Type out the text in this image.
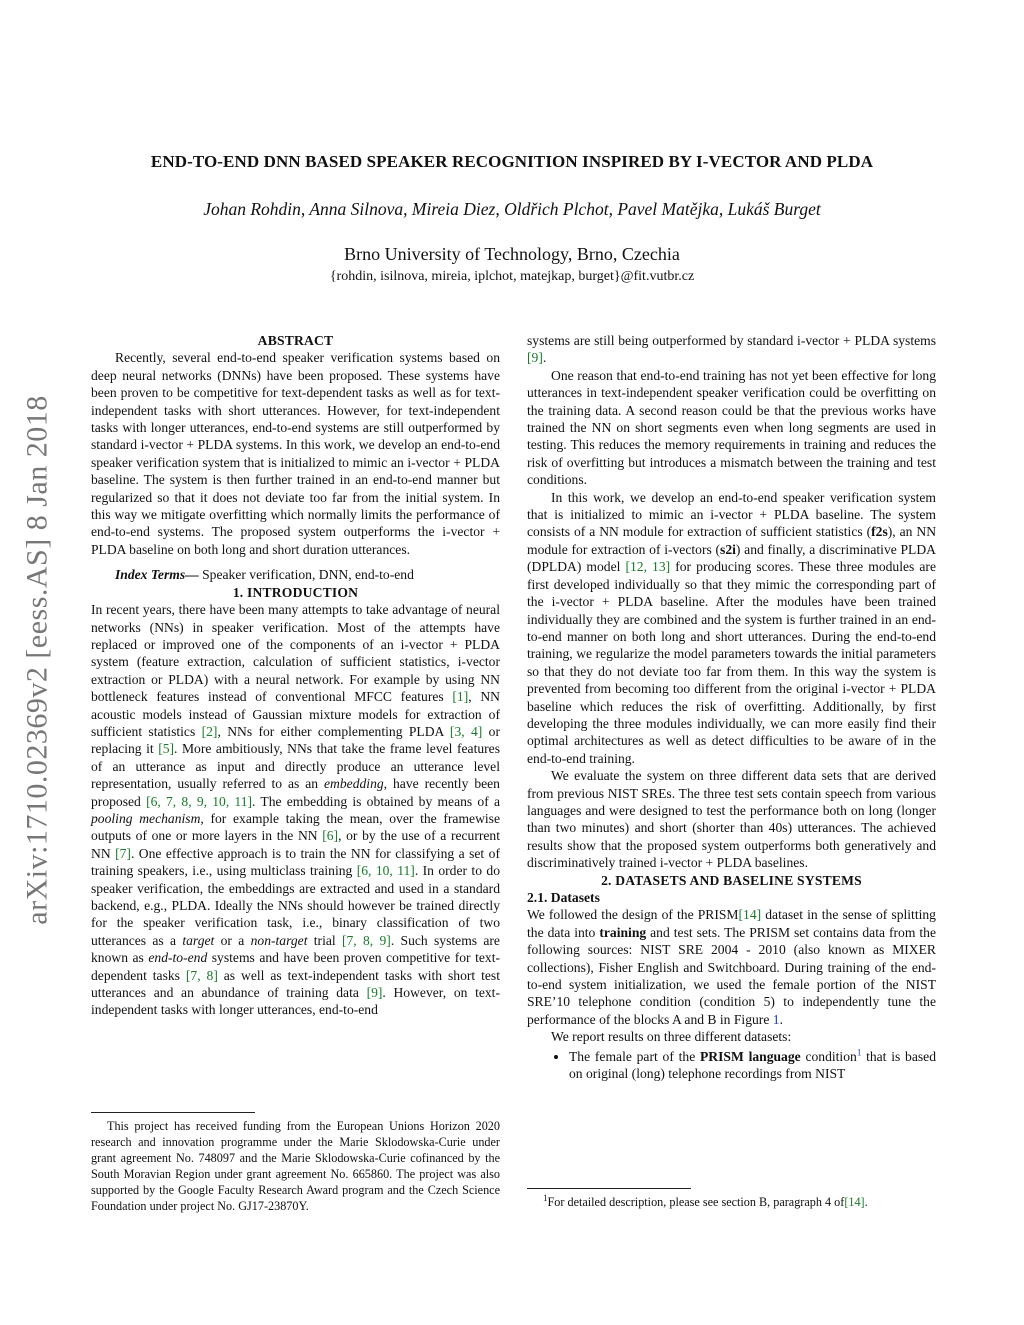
arXiv:1710.02369v2 [eess.AS] 8 Jan 2018
END-TO-END DNN BASED SPEAKER RECOGNITION INSPIRED BY I-VECTOR AND PLDA
Johan Rohdin, Anna Silnova, Mireia Diez, Oldřich Plchot, Pavel Matějka, Lukáš Burget
Brno University of Technology, Brno, Czechia
{rohdin, isilnova, mireia, iplchot, matejkap, burget}@fit.vutbr.cz
ABSTRACT

Recently, several end-to-end speaker verification systems based on deep neural networks (DNNs) have been proposed. These systems have been proven to be competitive for text-dependent tasks as well as for text-independent tasks with short utterances. However, for text-independent tasks with longer utterances, end-to-end systems are still outperformed by standard i-vector + PLDA systems. In this work, we develop an end-to-end speaker verification system that is initialized to mimic an i-vector + PLDA baseline. The system is then further trained in an end-to-end manner but regularized so that it does not deviate too far from the initial system. In this way we mitigate overfitting which normally limits the performance of end-to-end systems. The proposed system outperforms the i-vector + PLDA baseline on both long and short duration utterances.

Index Terms— Speaker verification, DNN, end-to-end

1. INTRODUCTION

In recent years, there have been many attempts to take advantage of neural networks (NNs) in speaker verification. Most of the attempts have replaced or improved one of the components of an i-vector + PLDA system (feature extraction, calculation of sufficient statistics, i-vector extraction or PLDA) with a neural network. For example by using NN bottleneck features instead of conventional MFCC features [1], NN acoustic models instead of Gaussian mixture models for extraction of sufficient statistics [2], NNs for either complementing PLDA [3, 4] or replacing it [5]. More ambitiously, NNs that take the frame level features of an utterance as input and directly produce an utterance level representation, usually referred to as an embedding, have recently been proposed [6, 7, 8, 9, 10, 11]. The embedding is obtained by means of a pooling mechanism, for example taking the mean, over the framewise outputs of one or more layers in the NN [6], or by the use of a recurrent NN [7]. One effective approach is to train the NN for classifying a set of training speakers, i.e., using multiclass training [6, 10, 11]. In order to do speaker verification, the embeddings are extracted and used in a standard backend, e.g., PLDA. Ideally the NNs should however be trained directly for the speaker verification task, i.e., binary classification of two utterances as a target or a non-target trial [7, 8, 9]. Such systems are known as end-to-end systems and have been proven competitive for text-dependent tasks [7, 8] as well as text-independent tasks with short test utterances and an abundance of training data [9]. However, on text-independent tasks with longer utterances, end-to-end

This project has received funding from the European Unions Horizon 2020 research and innovation programme under the Marie Sklodowska-Curie under grant agreement No. 748097 and the Marie Sklodowska-Curie cofinanced by the South Moravian Region under grant agreement No. 665860. The project was also supported by the Google Faculty Research Award program and the Czech Science Foundation under project No. GJ17-23870Y.

systems are still being outperformed by standard i-vector + PLDA systems [9].

One reason that end-to-end training has not yet been effective for long utterances in text-independent speaker verification could be overfitting on the training data. A second reason could be that the previous works have trained the NN on short segments even when long segments are used in testing. This reduces the memory requirements in training and reduces the risk of overfitting but introduces a mismatch between the training and test conditions.

In this work, we develop an end-to-end speaker verification system that is initialized to mimic an i-vector + PLDA baseline. The system consists of a NN module for extraction of sufficient statistics (f2s), an NN module for extraction of i-vectors (s2i) and finally, a discriminative PLDA (DPLDA) model [12, 13] for producing scores. These three modules are first developed individually so that they mimic the corresponding part of the i-vector + PLDA baseline. After the modules have been trained individually they are combined and the system is further trained in an end-to-end manner on both long and short utterances. During the end-to-end training, we regularize the model parameters towards the initial parameters so that they do not deviate too far from them. In this way the system is prevented from becoming too different from the original i-vector + PLDA baseline which reduces the risk of overfitting. Additionally, by first developing the three modules individually, we can more easily find their optimal architectures as well as detect difficulties to be aware of in the end-to-end training.

We evaluate the system on three different data sets that are derived from previous NIST SREs. The three test sets contain speech from various languages and were designed to test the performance both on long (longer than two minutes) and short (shorter than 40s) utterances. The achieved results show that the proposed system outperforms both generatively and discriminatively trained i-vector + PLDA baselines.

2. DATASETS AND BASELINE SYSTEMS
2.1. Datasets

We followed the design of the PRISM[14] dataset in the sense of splitting the data into training and test sets. The PRISM set contains data from the following sources: NIST SRE 2004 - 2010 (also known as MIXER collections), Fisher English and Switchboard. During training of the end-to-end system initialization, we used the female portion of the NIST SRE’10 telephone condition (condition 5) to independently tune the performance of the blocks A and B in Figure 1.

We report results on three different datasets:

• The female part of the PRISM language condition$^1$ that is based on original (long) telephone recordings from NIST

$^1$For detailed description, please see section B, paragraph 4 of[14].
